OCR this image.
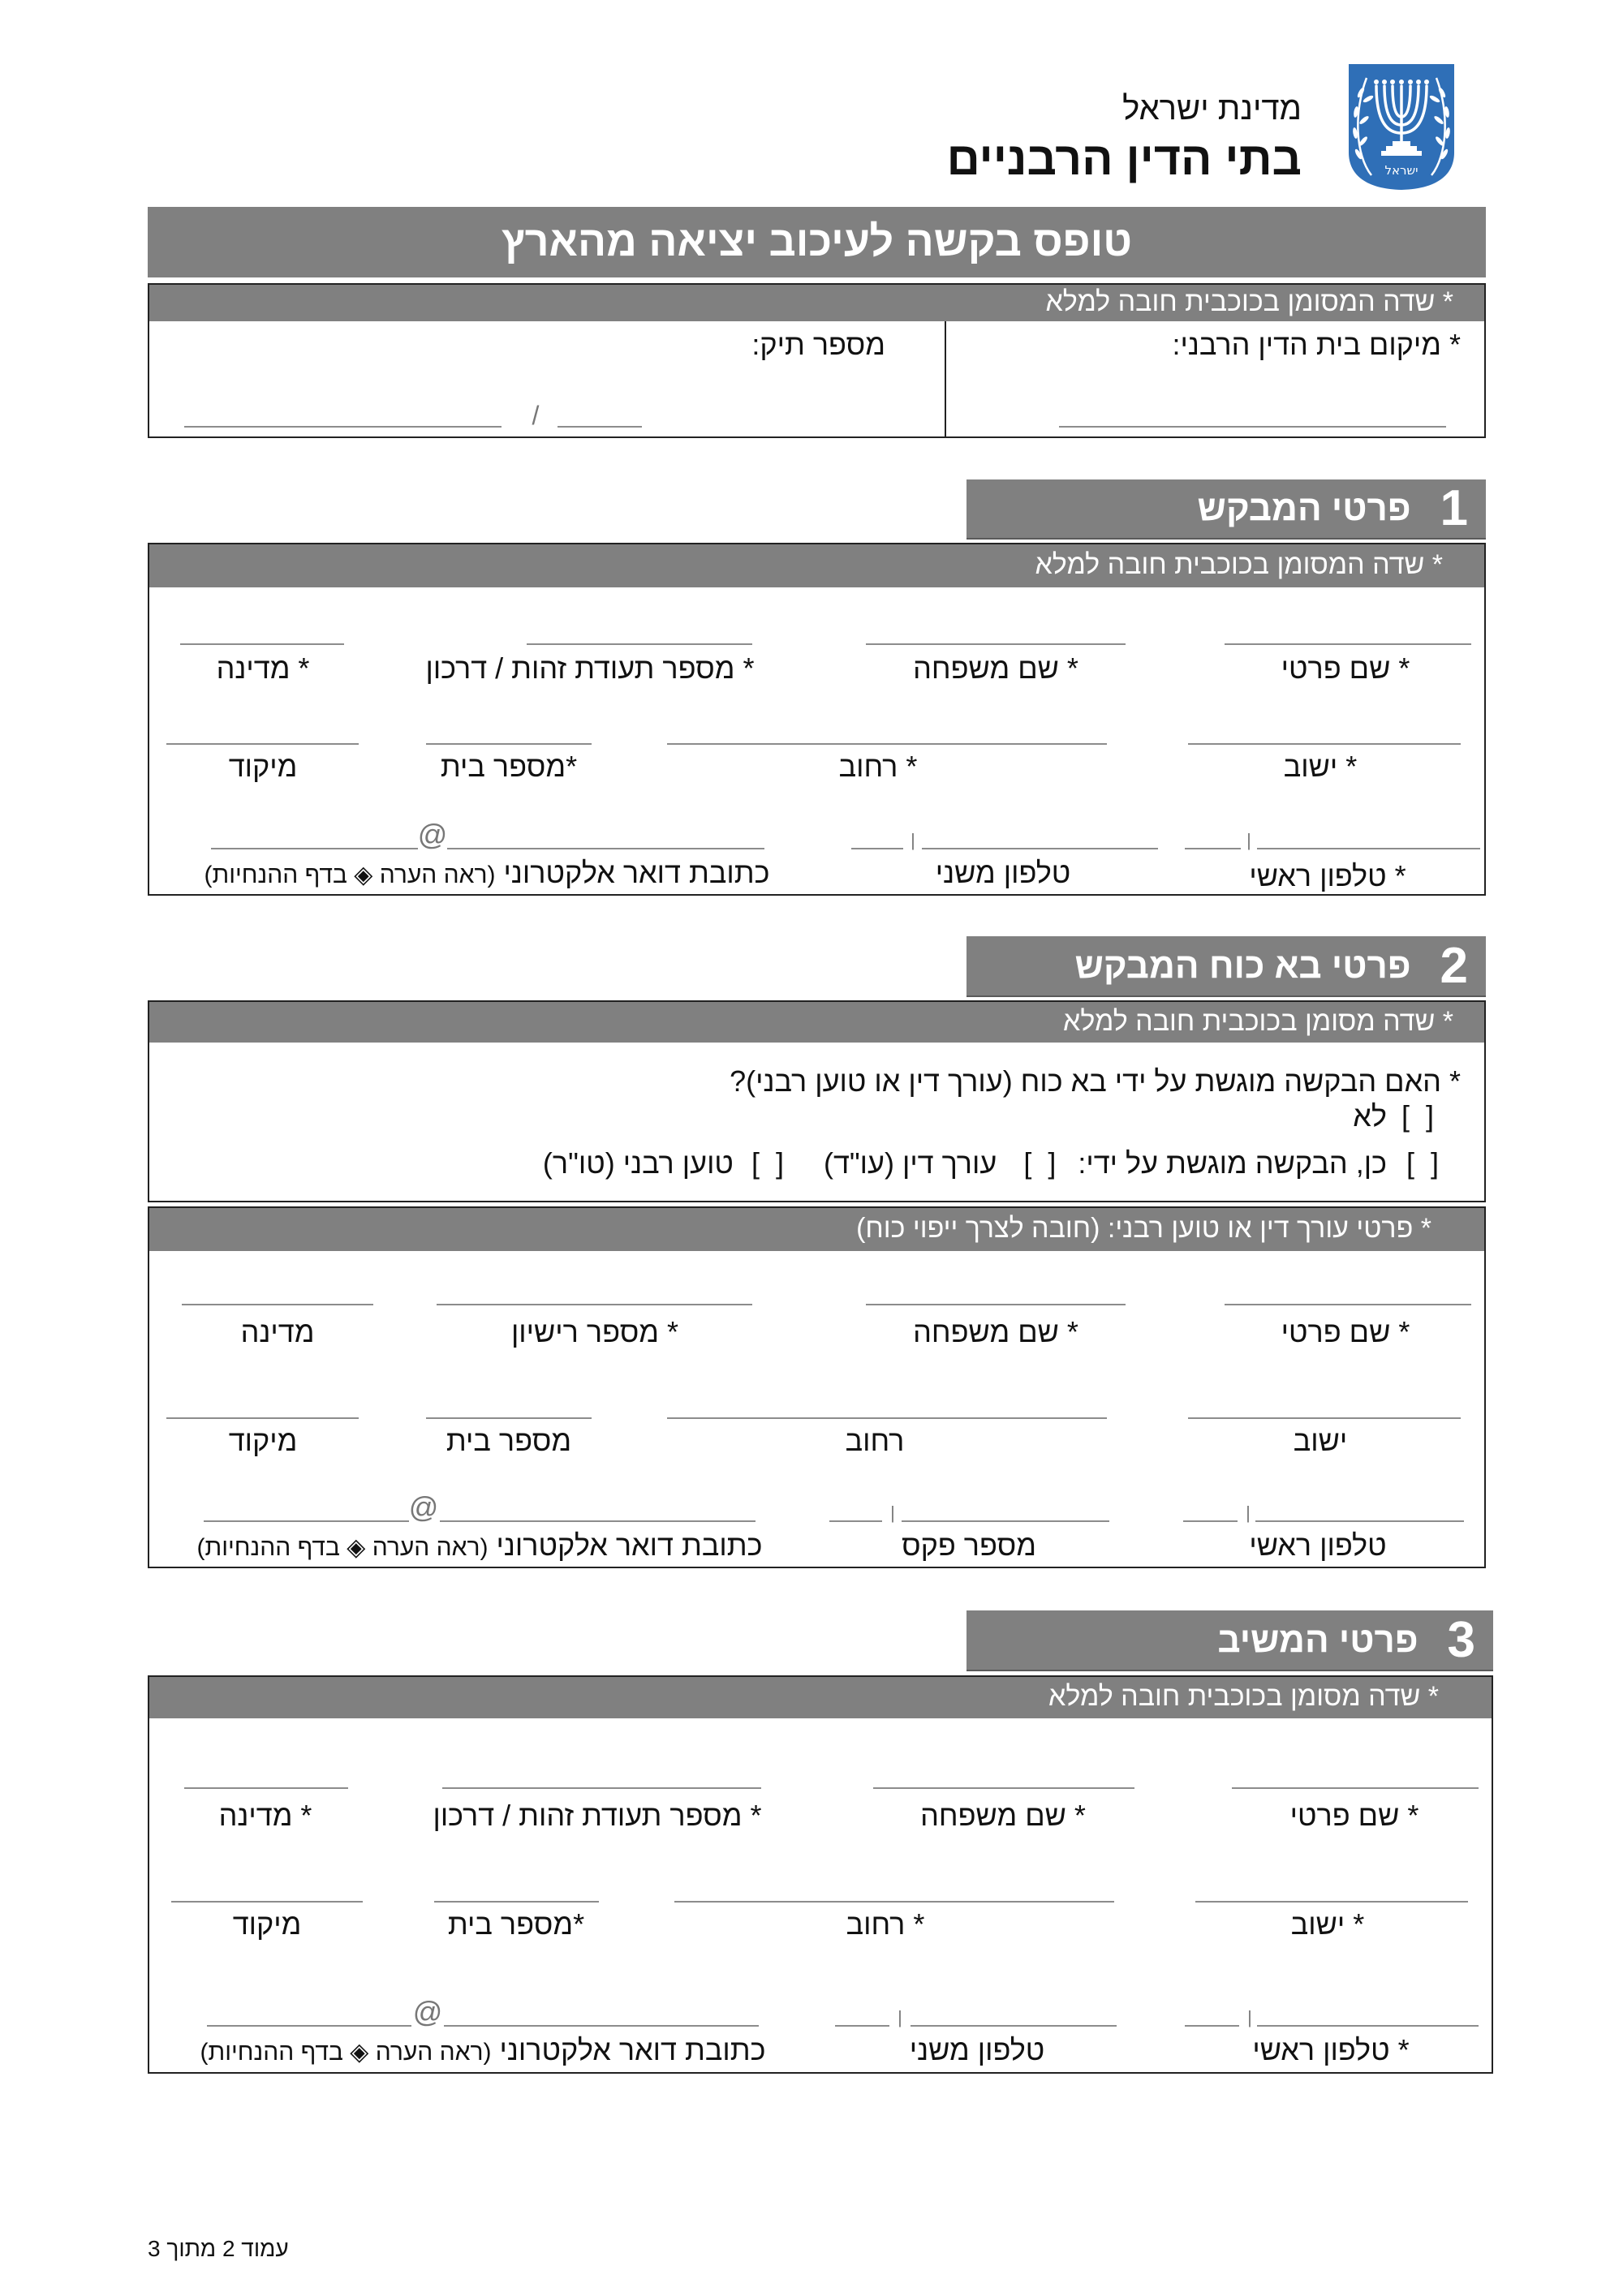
ישראל
מדינת ישראל
בתי הדין הרבניים
טופס בקשה לעיכוב יציאה מהארץ
* שדה המסומן בכוכבית חובה למלא
* מיקום בית הדין הרבני:
מספר תיק:
/
1
פרטי המבקש
* שדה המסומן בכוכבית חובה למלא
* שם פרטי
* שם משפחה
* מספר תעודת זהות / דרכון
* מדינה
* ישוב
* רחוב
*מספר בית
מיקוד
|
* טלפון ראשי
|
טלפון משני
@
כתובת דואר אלקטרוני(ראה הערה ◈ בדף ההנחיות)
2
פרטי בא כוח המבקש
* שדה מסומן בכוכבית חובה למלא
* האם הבקשה מוגשת על ידי בא כוח (עורך דין או טוען רבני)?
[  ]
לא
[  ]
כן, הבקשה מוגשת על ידי:
[  ]
עורך דין (עו"ד)
[  ]
טוען רבני (טו"ר)
* פרטי עורך דין או טוען רבני: (חובה לצרך ייפוי כוח)
* שם פרטי
* שם משפחה
* מספר רישיון
מדינה
ישוב
רחוב
מספר בית
מיקוד
|
טלפון ראשי
|
מספר פקס
@
כתובת דואר אלקטרוני(ראה הערה ◈ בדף ההנחיות)
3
פרטי המשיב
* שדה מסומן בכוכבית חובה למלא
* שם פרטי
* שם משפחה
* מספר תעודת זהות / דרכון
* מדינה
* ישוב
* רחוב
*מספר בית
מיקוד
|
* טלפון ראשי
|
טלפון משני
@
כתובת דואר אלקטרוני(ראה הערה ◈ בדף ההנחיות)
עמוד 2 מתוך 3
